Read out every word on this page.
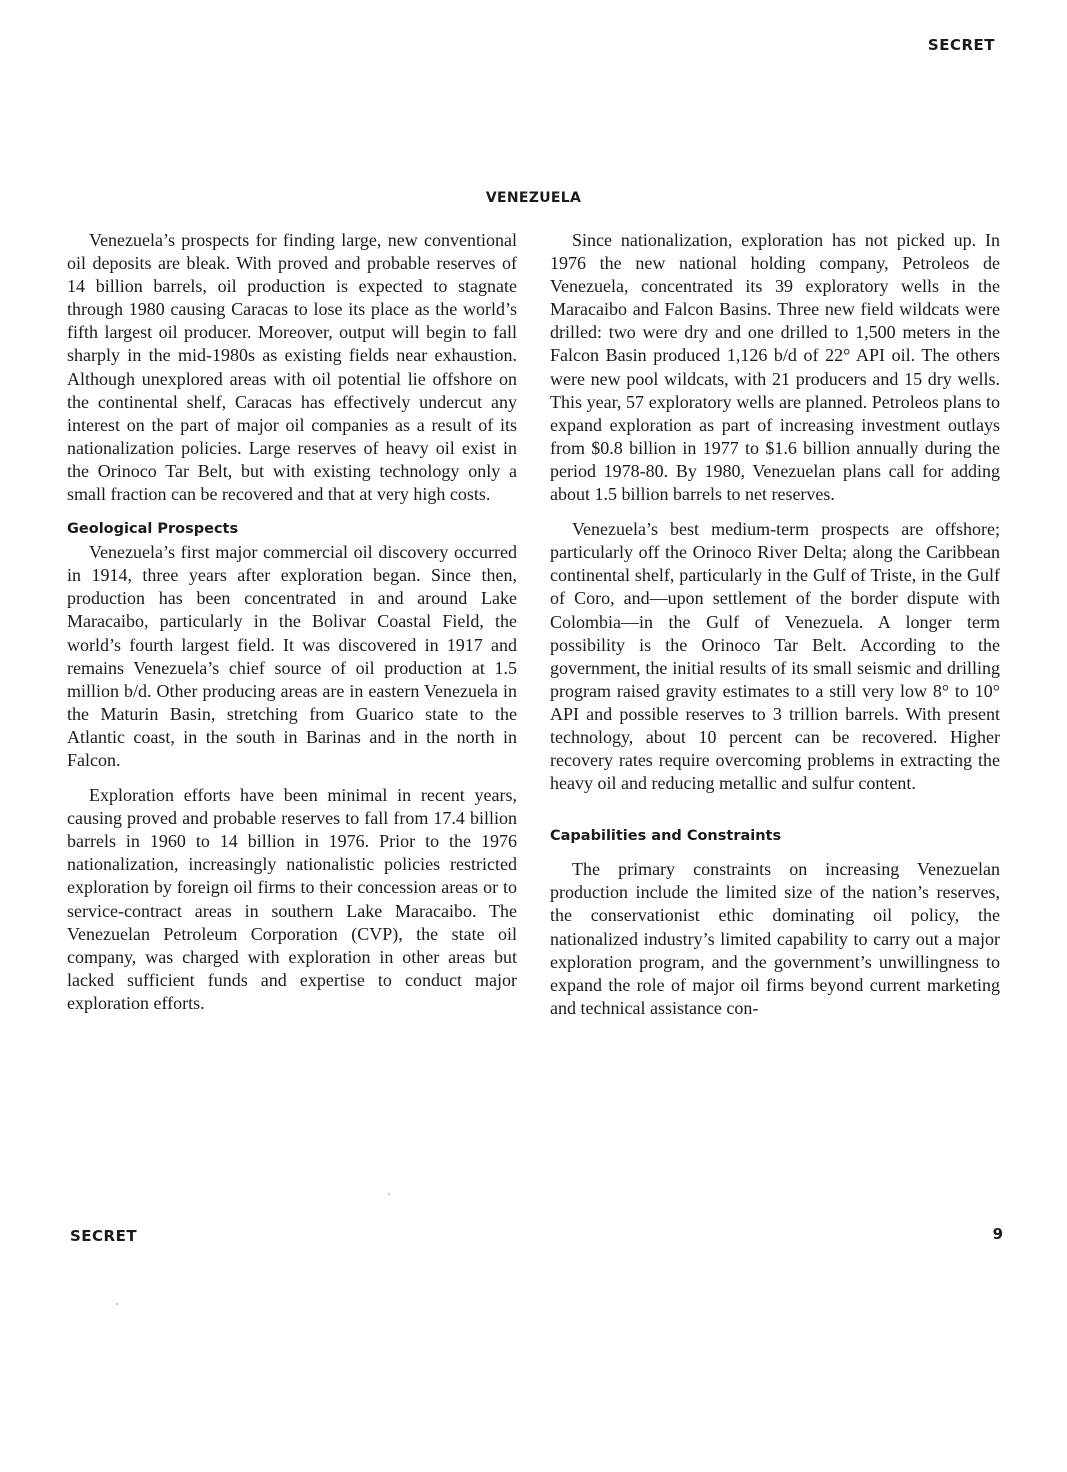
SECRET
VENEZUELA

Venezuela’s prospects for finding large, new conventional oil deposits are bleak. With proved and probable reserves of 14 billion barrels, oil production is expected to stagnate through 1980 causing Caracas to lose its place as the world’s fifth largest oil producer. Moreover, output will begin to fall sharply in the mid-1980s as existing fields near exhaustion. Although unexplored areas with oil potential lie offshore on the continental shelf, Caracas has effectively undercut any interest on the part of major oil companies as a result of its nationalization policies. Large reserves of heavy oil exist in the Orinoco Tar Belt, but with existing technology only a small fraction can be recovered and that at very high costs.

Geological Prospects

Venezuela’s first major commercial oil discovery occurred in 1914, three years after exploration began. Since then, production has been concentrated in and around Lake Maracaibo, particularly in the Bolivar Coastal Field, the world’s fourth largest field. It was discovered in 1917 and remains Venezuela’s chief source of oil production at 1.5 million b/d. Other producing areas are in eastern Venezuela in the Maturin Basin, stretching from Guarico state to the Atlantic coast, in the south in Barinas and in the north in Falcon.

Exploration efforts have been minimal in recent years, causing proved and probable reserves to fall from 17.4 billion barrels in 1960 to 14 billion in 1976. Prior to the 1976 nationalization, increasingly nationalistic policies restricted exploration by foreign oil firms to their concession areas or to service-contract areas in southern Lake Maracaibo. The Venezuelan Petroleum Corporation (CVP), the state oil company, was charged with exploration in other areas but lacked sufficient funds and expertise to conduct major exploration efforts.

Since nationalization, exploration has not picked up. In 1976 the new national holding company, Petroleos de Venezuela, concentrated its 39 exploratory wells in the Maracaibo and Falcon Basins. Three new field wildcats were drilled: two were dry and one drilled to 1,500 meters in the Falcon Basin produced 1,126 b/d of 22° API oil. The others were new pool wildcats, with 21 producers and 15 dry wells. This year, 57 exploratory wells are planned. Petroleos plans to expand exploration as part of increasing investment outlays from $0.8 billion in 1977 to $1.6 billion annually during the period 1978-80. By 1980, Venezuelan plans call for adding about 1.5 billion barrels to net reserves.

Venezuela’s best medium-term prospects are offshore; particularly off the Orinoco River Delta; along the Caribbean continental shelf, particularly in the Gulf of Triste, in the Gulf of Coro, and—upon settlement of the border dispute with Colombia—in the Gulf of Venezuela. A longer term possibility is the Orinoco Tar Belt. According to the government, the initial results of its small seismic and drilling program raised gravity estimates to a still very low 8° to 10° API and possible reserves to 3 trillion barrels. With present technology, about 10 percent can be recovered. Higher recovery rates require overcoming problems in extracting the heavy oil and reducing metallic and sulfur content.

Capabilities and Constraints

The primary constraints on increasing Venezuelan production include the limited size of the nation’s reserves, the conservationist ethic dominating oil policy, the nationalized industry’s limited capability to carry out a major exploration program, and the government’s unwillingness to expand the role of major oil firms beyond current marketing and technical assistance con-

SECRET	9
